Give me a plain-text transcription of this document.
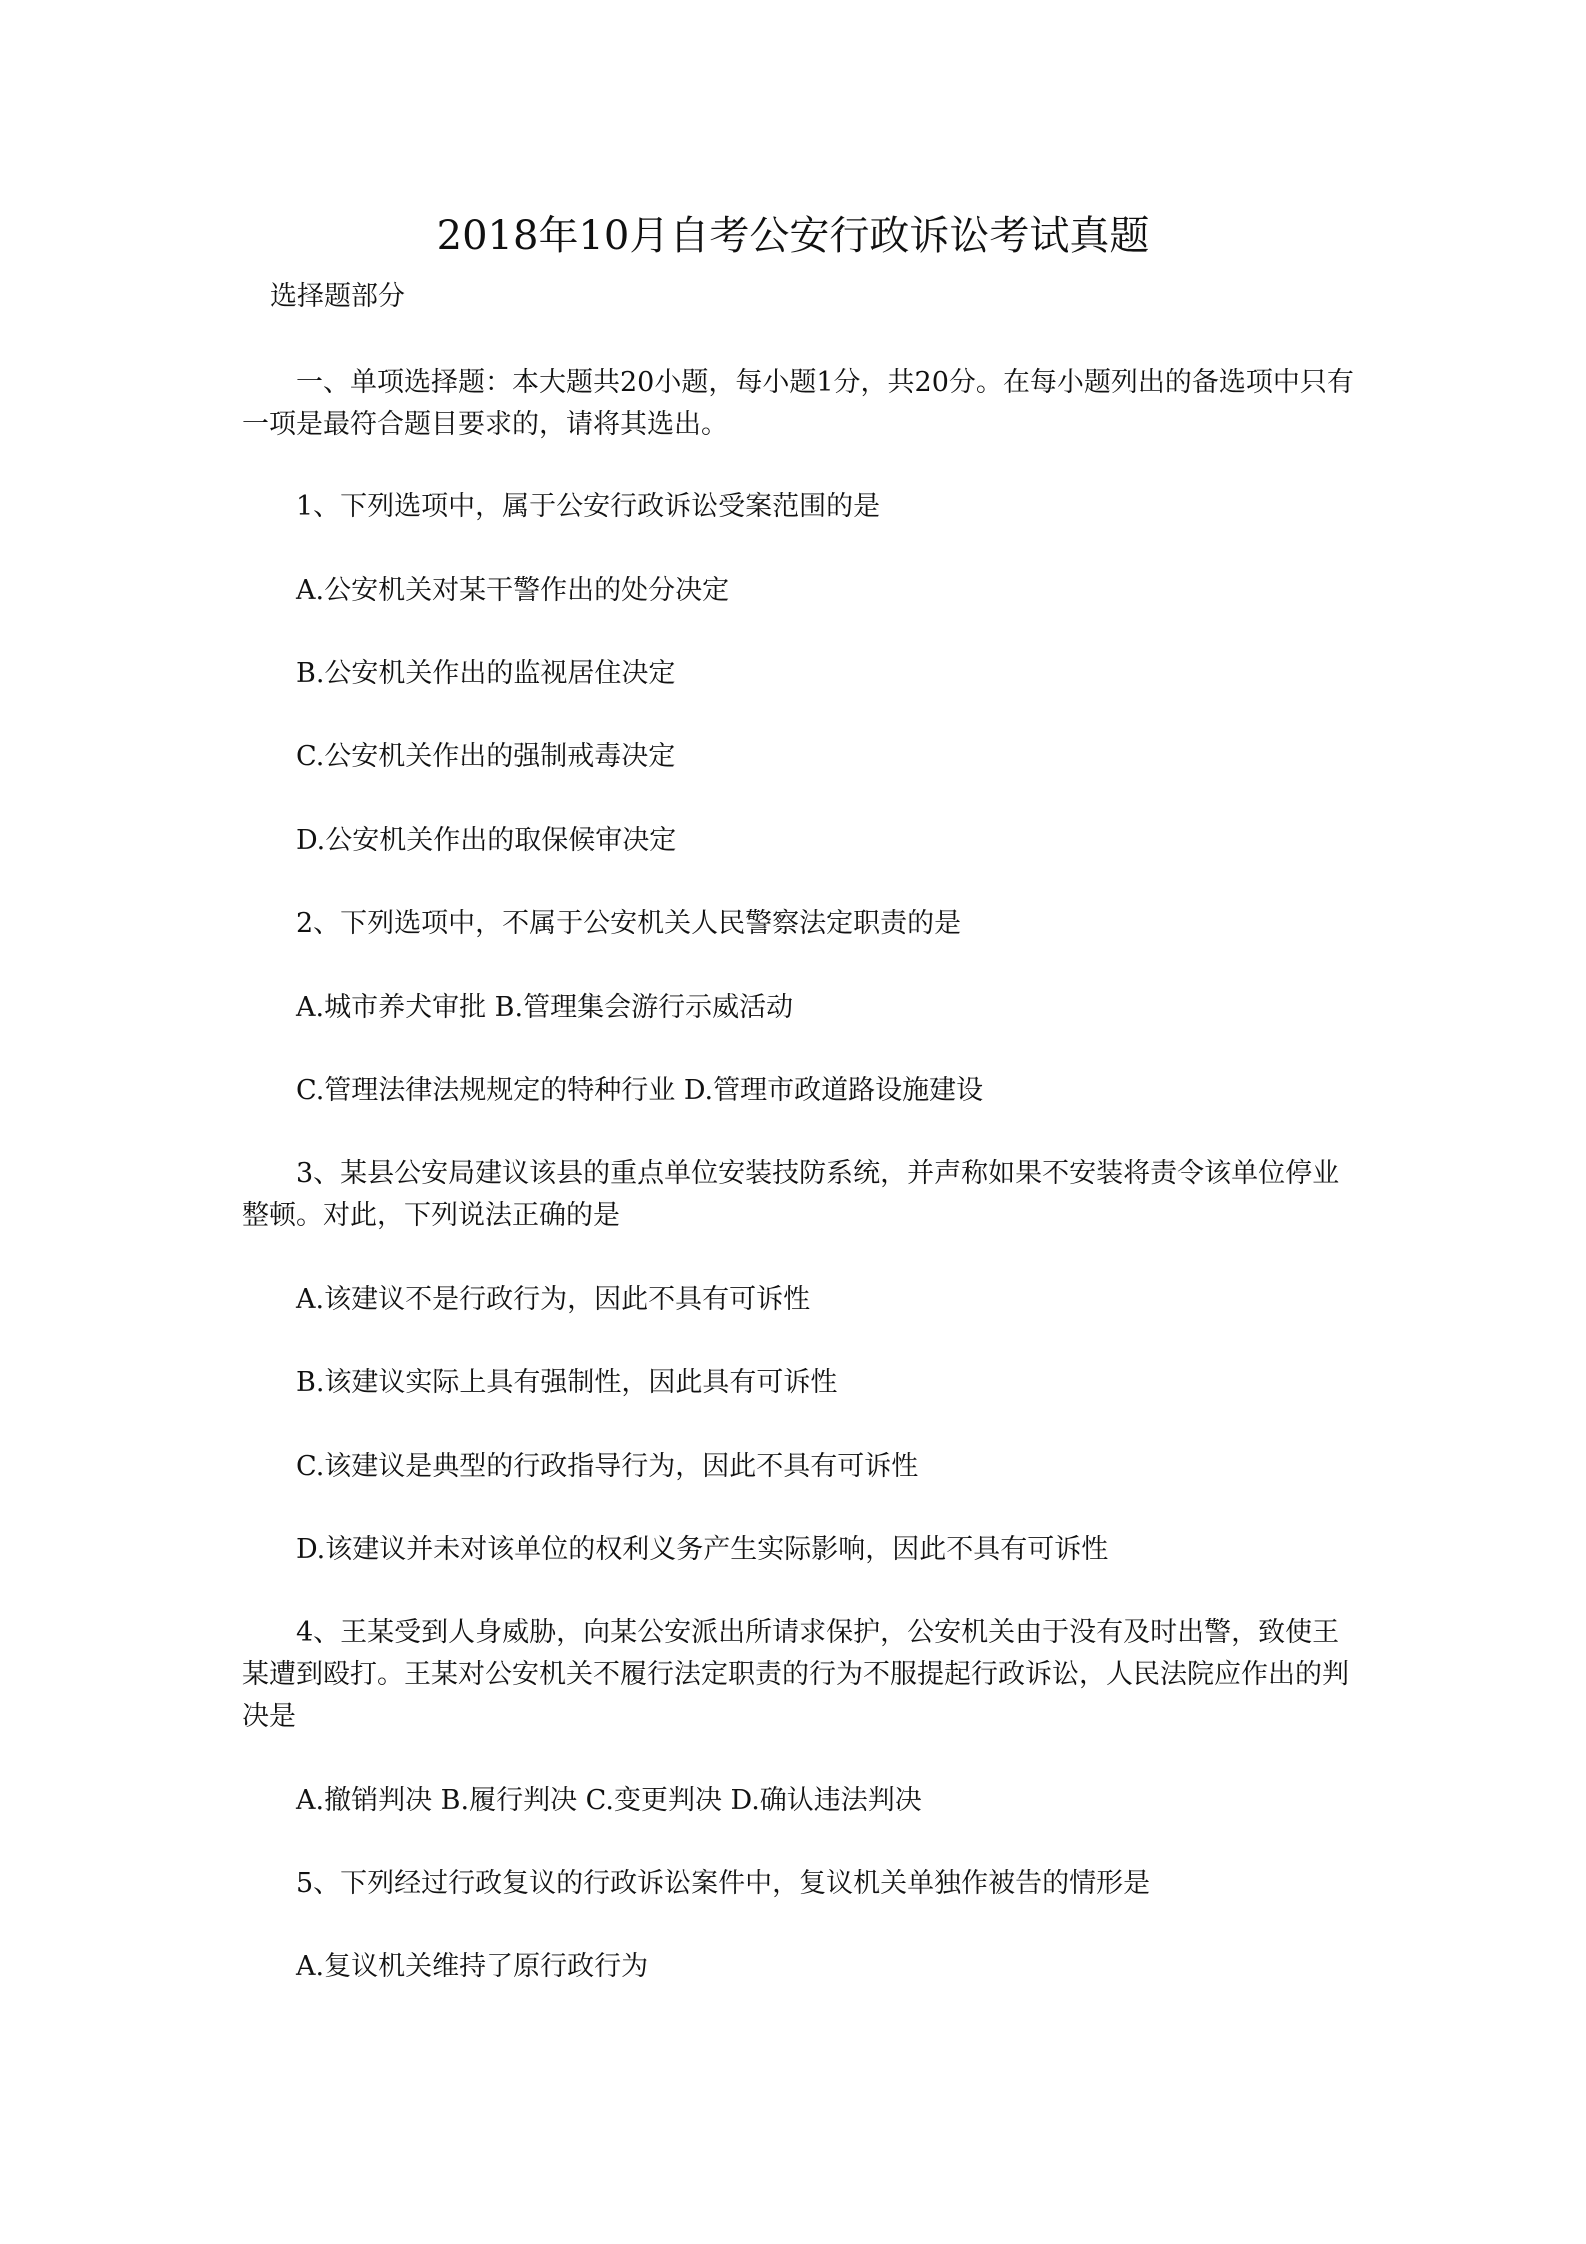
2018年10月自考公安行政诉讼考试真题
选择题部分
一、单项选择题：本大题共20小题，每小题1分，共20分。在每小题列出的备选项中只有一项是最符合题目要求的，请将其选出。
1、下列选项中，属于公安行政诉讼受案范围的是
A.公安机关对某干警作出的处分决定
B.公安机关作出的监视居住决定
C.公安机关作出的强制戒毒决定
D.公安机关作出的取保候审决定
2、下列选项中，不属于公安机关人民警察法定职责的是
A.城市养犬审批 B.管理集会游行示威活动
C.管理法律法规规定的特种行业 D.管理市政道路设施建设
3、某县公安局建议该县的重点单位安装技防系统，并声称如果不安装将责令该单位停业整顿。对此，下列说法正确的是
A.该建议不是行政行为，因此不具有可诉性
B.该建议实际上具有强制性，因此具有可诉性
C.该建议是典型的行政指导行为，因此不具有可诉性
D.该建议并未对该单位的权利义务产生实际影响，因此不具有可诉性
4、王某受到人身威胁，向某公安派出所请求保护，公安机关由于没有及时出警，致使王某遭到殴打。王某对公安机关不履行法定职责的行为不服提起行政诉讼，人民法院应作出的判决是
A.撤销判决 B.履行判决 C.变更判决 D.确认违法判决
5、下列经过行政复议的行政诉讼案件中，复议机关单独作被告的情形是
A.复议机关维持了原行政行为
